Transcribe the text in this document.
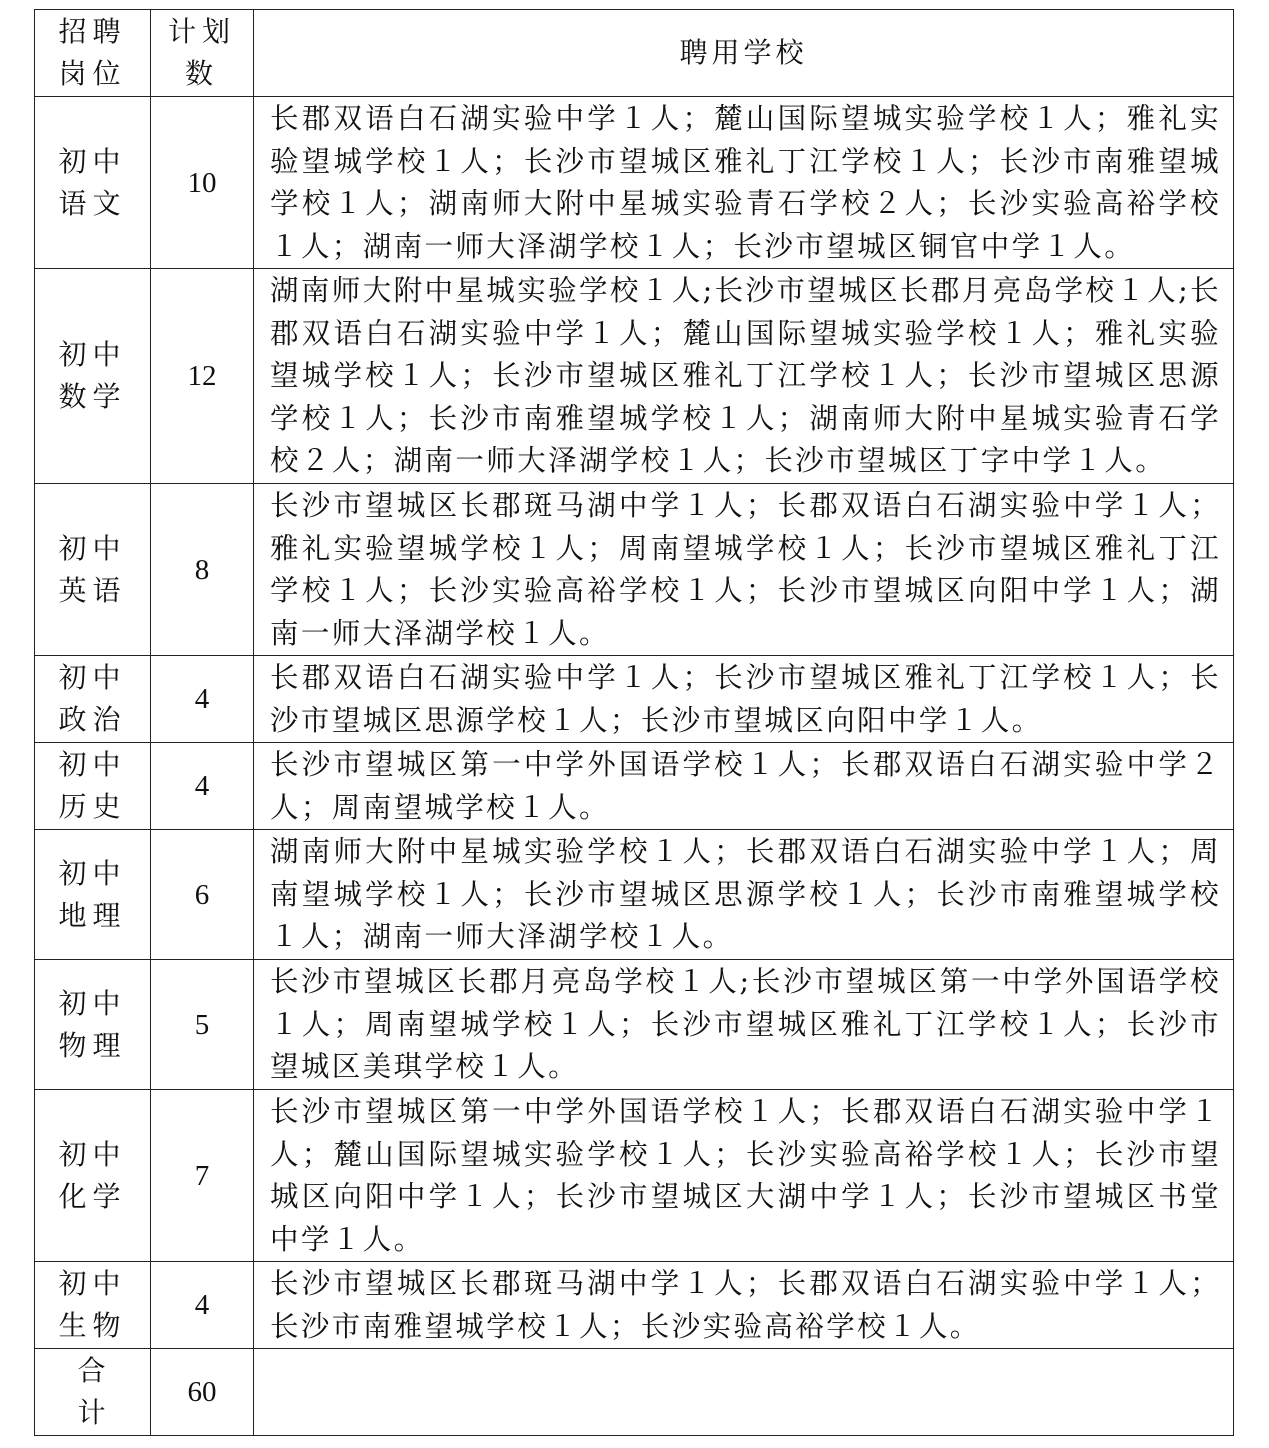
招聘岗位	计划数	聘用学校
初中语文	10	长郡双语白石湖实验中学１人；麓山国际望城实验学校１人；雅礼实验望城学校１人；长沙市望城区雅礼丁江学校１人；长沙市南雅望城学校１人；湖南师大附中星城实验青石学校２人；长沙实验高裕学校１人；湖南一师大泽湖学校１人；长沙市望城区铜官中学１人。

初中数学	12	湖南师大附中星城实验学校１人;长沙市望城区长郡月亮岛学校１人;长郡双语白石湖实验中学１人；麓山国际望城实验学校１人；雅礼实验望城学校１人；长沙市望城区雅礼丁江学校１人；长沙市望城区思源学校１人；长沙市南雅望城学校１人；湖南师大附中星城实验青石学校２人；湖南一师大泽湖学校１人；长沙市望城区丁字中学１人。

初中英语	8	长沙市望城区长郡斑马湖中学１人；长郡双语白石湖实验中学１人；雅礼实验望城学校１人；周南望城学校１人；长沙市望城区雅礼丁江学校１人；长沙实验高裕学校１人；长沙市望城区向阳中学１人；湖南一师大泽湖学校１人。

初中政治	4	长郡双语白石湖实验中学１人；长沙市望城区雅礼丁江学校１人；长沙市望城区思源学校１人；长沙市望城区向阳中学１人。

初中历史	4	长沙市望城区第一中学外国语学校１人；长郡双语白石湖实验中学２人；周南望城学校１人。

初中地理	6	湖南师大附中星城实验学校１人；长郡双语白石湖实验中学１人；周南望城学校１人；长沙市望城区思源学校１人；长沙市南雅望城学校１人；湖南一师大泽湖学校１人。

初中物理	5	长沙市望城区长郡月亮岛学校１人;长沙市望城区第一中学外国语学校１人；周南望城学校１人；长沙市望城区雅礼丁江学校１人；长沙市望城区美琪学校１人。

初中化学	7	长沙市望城区第一中学外国语学校１人；长郡双语白石湖实验中学１人；麓山国际望城实验学校１人；长沙实验高裕学校１人；长沙市望城区向阳中学１人；长沙市望城区大湖中学１人；长沙市望城区书堂中学１人。

初中生物	4	长沙市望城区长郡斑马湖中学１人；长郡双语白石湖实验中学１人；长沙市南雅望城学校１人；长沙实验高裕学校１人。

合计	60	
